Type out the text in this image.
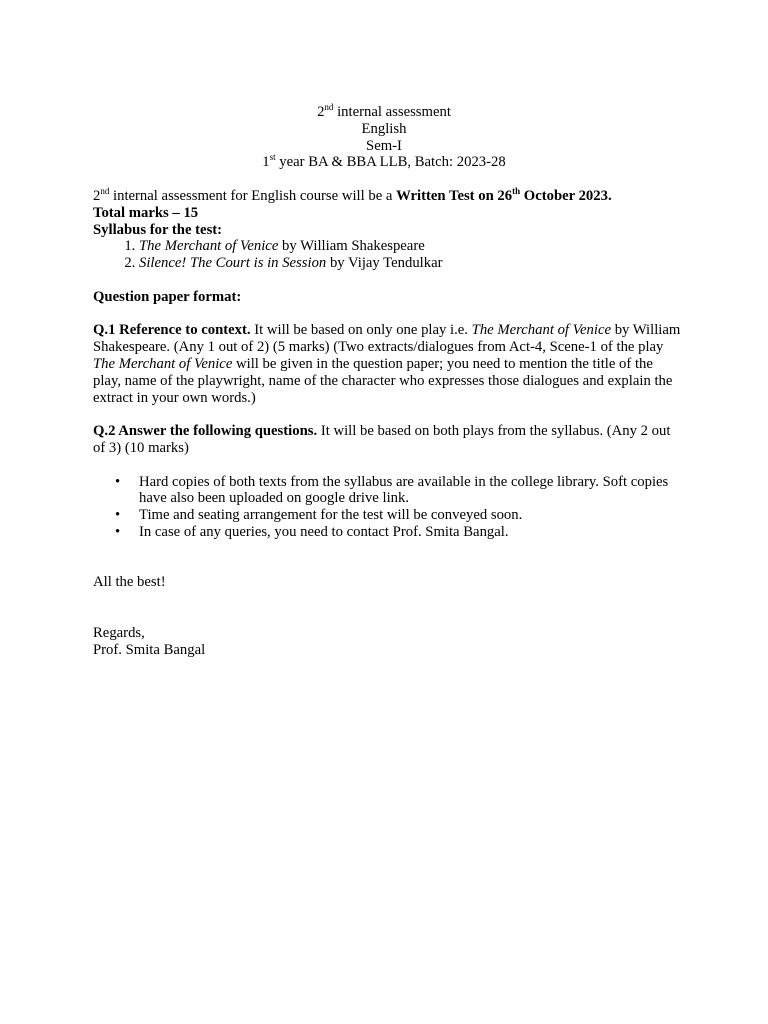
2nd internal assessment

English

Sem-I

1st year BA & BBA LLB, Batch: 2023-28

2nd internal assessment for English course will be a Written Test on 26th October 2023.

Total marks – 15

Syllabus for the test:

1. The Merchant of Venice by William Shakespeare
2. Silence! The Court is in Session by Vijay Tendulkar

Question paper format:

Q.1 Reference to context. It will be based on only one play i.e. The Merchant of Venice by William Shakespeare. (Any 1 out of 2) (5 marks) (Two extracts/dialogues from Act-4, Scene-1 of the play The Merchant of Venice will be given in the question paper; you need to mention the title of the play, name of the playwright, name of the character who expresses those dialogues and explain the extract in your own words.)

Q.2 Answer the following questions. It will be based on both plays from the syllabus. (Any 2 out of 3) (10 marks)

• Hard copies of both texts from the syllabus are available in the college library. Soft copies have also been uploaded on google drive link.
• Time and seating arrangement for the test will be conveyed soon.
• In case of any queries, you need to contact Prof. Smita Bangal.

All the best!

Regards,

Prof. Smita Bangal
